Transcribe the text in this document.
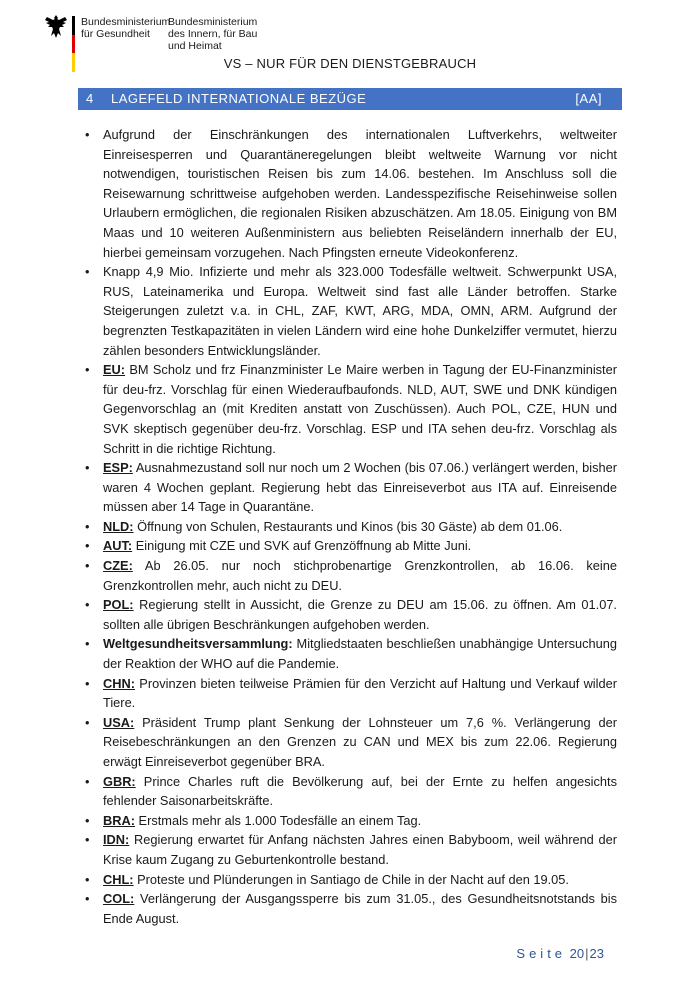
Bundesministerium
für Gesundheit
Bundesministerium
des Innern, für Bau
und Heimat
VS – NUR FÜR DEN DIENSTGEBRAUCH
4 LAGEFELD INTERNATIONALE BEZÜGE	[AA]
• Aufgrund der Einschränkungen des internationalen Luftverkehrs, weltweiter Einreisesperren und Quarantäneregelungen bleibt weltweite Warnung vor nicht notwendigen, touristischen Reisen bis zum 14.06. bestehen. Im Anschluss soll die Reisewarnung schrittweise aufgehoben werden. Landesspezifische Reisehinweise sollen Urlaubern ermöglichen, die regionalen Risiken abzuschätzen. Am 18.05. Einigung von BM Maas und 10 weiteren Außenministern aus beliebten Reiseländern innerhalb der EU, hierbei gemeinsam vorzugehen. Nach Pfingsten erneute Videokonferenz.
• Knapp 4,9 Mio. Infizierte und mehr als 323.000 Todesfälle weltweit. Schwerpunkt USA, RUS, Lateinamerika und Europa. Weltweit sind fast alle Länder betroffen. Starke Steigerungen zuletzt v.a. in CHL, ZAF, KWT, ARG, MDA, OMN, ARM. Aufgrund der begrenzten Testkapazitäten in vielen Ländern wird eine hohe Dunkelziffer vermutet, hierzu zählen besonders Entwicklungsländer.
• EU: BM Scholz und frz Finanzminister Le Maire werben in Tagung der EU-Finanzminister für deu-frz. Vorschlag für einen Wiederaufbaufonds. NLD, AUT, SWE und DNK kündigen Gegenvorschlag an (mit Krediten anstatt von Zuschüssen). Auch POL, CZE, HUN und SVK skeptisch gegenüber deu-frz. Vorschlag. ESP und ITA sehen deu-frz. Vorschlag als Schritt in die richtige Richtung.
• ESP: Ausnahmezustand soll nur noch um 2 Wochen (bis 07.06.) verlängert werden, bisher waren 4 Wochen geplant. Regierung hebt das Einreiseverbot aus ITA auf. Einreisende müssen aber 14 Tage in Quarantäne.
• NLD: Öffnung von Schulen, Restaurants und Kinos (bis 30 Gäste) ab dem 01.06.
• AUT: Einigung mit CZE und SVK auf Grenzöffnung ab Mitte Juni.
• CZE: Ab 26.05. nur noch stichprobenartige Grenzkontrollen, ab 16.06. keine Grenzkontrollen mehr, auch nicht zu DEU.
• POL: Regierung stellt in Aussicht, die Grenze zu DEU am 15.06. zu öffnen. Am 01.07. sollten alle übrigen Beschränkungen aufgehoben werden.
• Weltgesundheitsversammlung: Mitgliedstaaten beschließen unabhängige Untersuchung der Reaktion der WHO auf die Pandemie.
• CHN: Provinzen bieten teilweise Prämien für den Verzicht auf Haltung und Verkauf wilder Tiere.
• USA: Präsident Trump plant Senkung der Lohnsteuer um 7,6 %. Verlängerung der Reisebeschränkungen an den Grenzen zu CAN und MEX bis zum 22.06. Regierung erwägt Einreiseverbot gegenüber BRA.
• GBR: Prince Charles ruft die Bevölkerung auf, bei der Ernte zu helfen angesichts fehlender Saisonarbeitskräfte.
• BRA: Erstmals mehr als 1.000 Todesfälle an einem Tag.
• IDN: Regierung erwartet für Anfang nächsten Jahres einen Babyboom, weil während der Krise kaum Zugang zu Geburtenkontrolle bestand.
• CHL: Proteste und Plünderungen in Santiago de Chile in der Nacht auf den 19.05.
• COL: Verlängerung der Ausgangssperre bis zum 31.05., des Gesundheitsnotstands bis Ende August.
Seite 20|23
